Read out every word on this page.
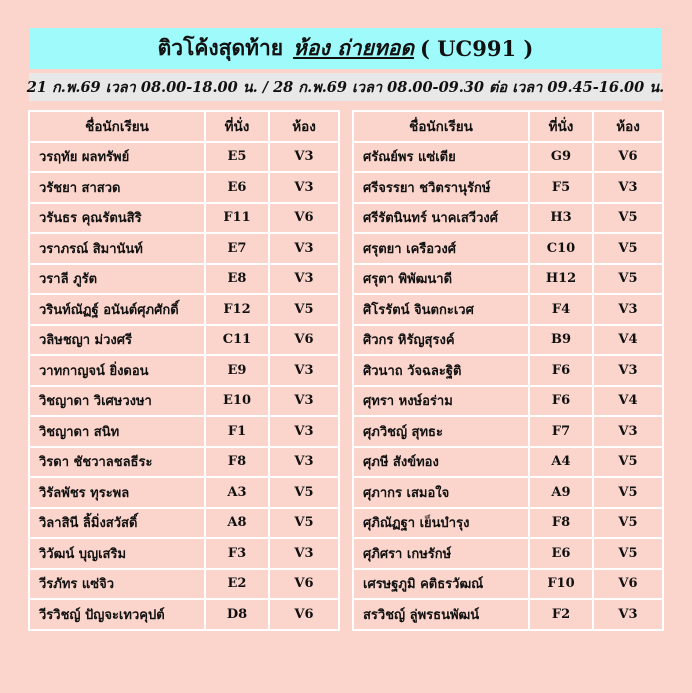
ติวโค้งสุดท้าย ห้อง ถ่ายทอด ( UC991 )
21 ก.พ.69 เวลา 08.00-18.00 น. / 28 ก.พ.69 เวลา 08.00-09.30 ต่อ เวลา 09.45-16.00 น.
ชื่อนักเรียน	ที่นั่ง	ห้อง
วรฤทัย ผลทรัพย์	E5	V3
วรัชยา สาสวด	E6	V3
วรันธร คุณรัตนสิริ	F11	V6
วราภรณ์ สิมานันท์	E7	V3
วราลี ภูรัต	E8	V3
วรินท์ณัฏฐ์ อนันต์ศุภศักดิ์	F12	V5
วลิษชญา ม่วงศรี	C11	V6
วาทกาญจน์ ยิ่งดอน	E9	V3
วิชญาดา วิเศษวงษา	E10	V3
วิชญาดา สนิท	F1	V3
วิรดา ชัชวาลชลธีระ	F8	V3
วิรัลพัชร ทุระพล	A3	V5
วิลาสินี ลิ้มิ่งสวัสดิ์	A8	V5
วิวัฒน์ บุญเสริม	F3	V3
วีรภัทร แซ่จิว	E2	V6
วีรวิชญ์ ปัญจะเทวคุปต์	D8	V6
ชื่อนักเรียน	ที่นั่ง	ห้อง
ศรัณย์พร แซ่เตีย	G9	V6
ศรีจรรยา ชวิตรานุรักษ์	F5	V3
ศรีรัตนินทร์ นาคเสวีวงศ์	H3	V5
ศรุตยา เครือวงศ์	C10	V5
ศรุตา พิพัฒนาดี	H12	V5
ศิโรรัตน์ จินตกะเวศ	F4	V3
ศิวกร หิรัญสุรงค์	B9	V4
ศิวนาถ วัจฉละฐิติ	F6	V3
ศุทรา หงษ์อร่าม	F6	V4
ศุภวิชญ์ สุทธะ	F7	V3
ศุภษี สังข์ทอง	A4	V5
ศุภากร เสมอใจ	A9	V5
ศุภิณัฏฐา เย็นบำรุง	F8	V5
ศุภิศรา เกษรักษ์	E6	V5
เศรษฐภูมิ คติธรวัฒณ์	F10	V6
สรวิชญ์ ลู่พรธนพัฒน์	F2	V3
